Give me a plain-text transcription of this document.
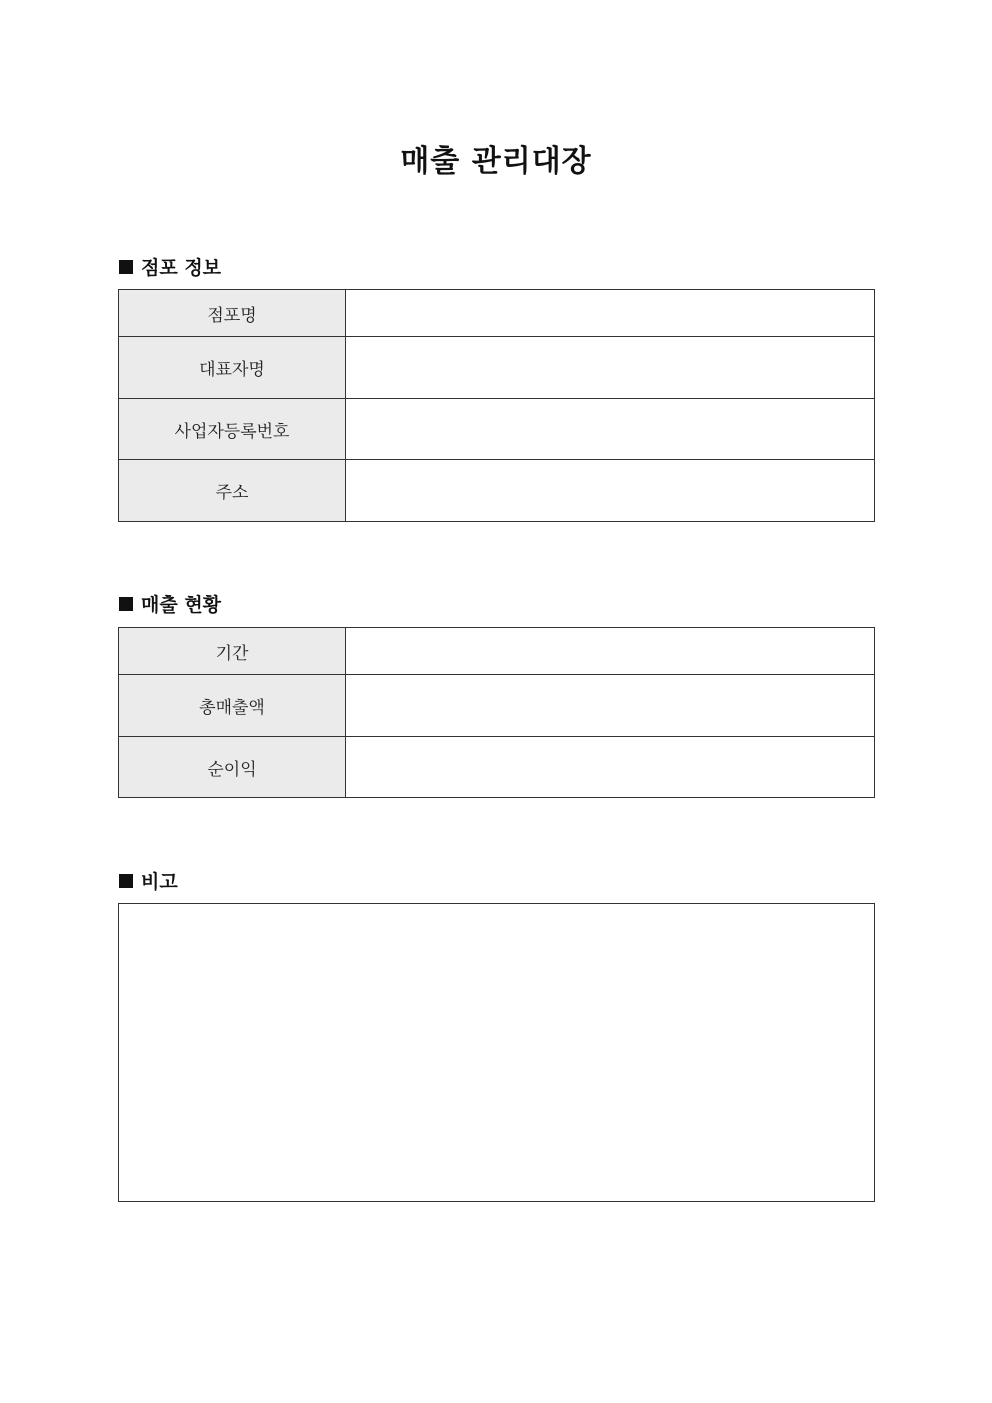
매출 관리대장
점포 정보
점포명	
대표자명	
사업자등록번호	
주소	
매출 현황
기간	
총매출액	
순이익	
비고
